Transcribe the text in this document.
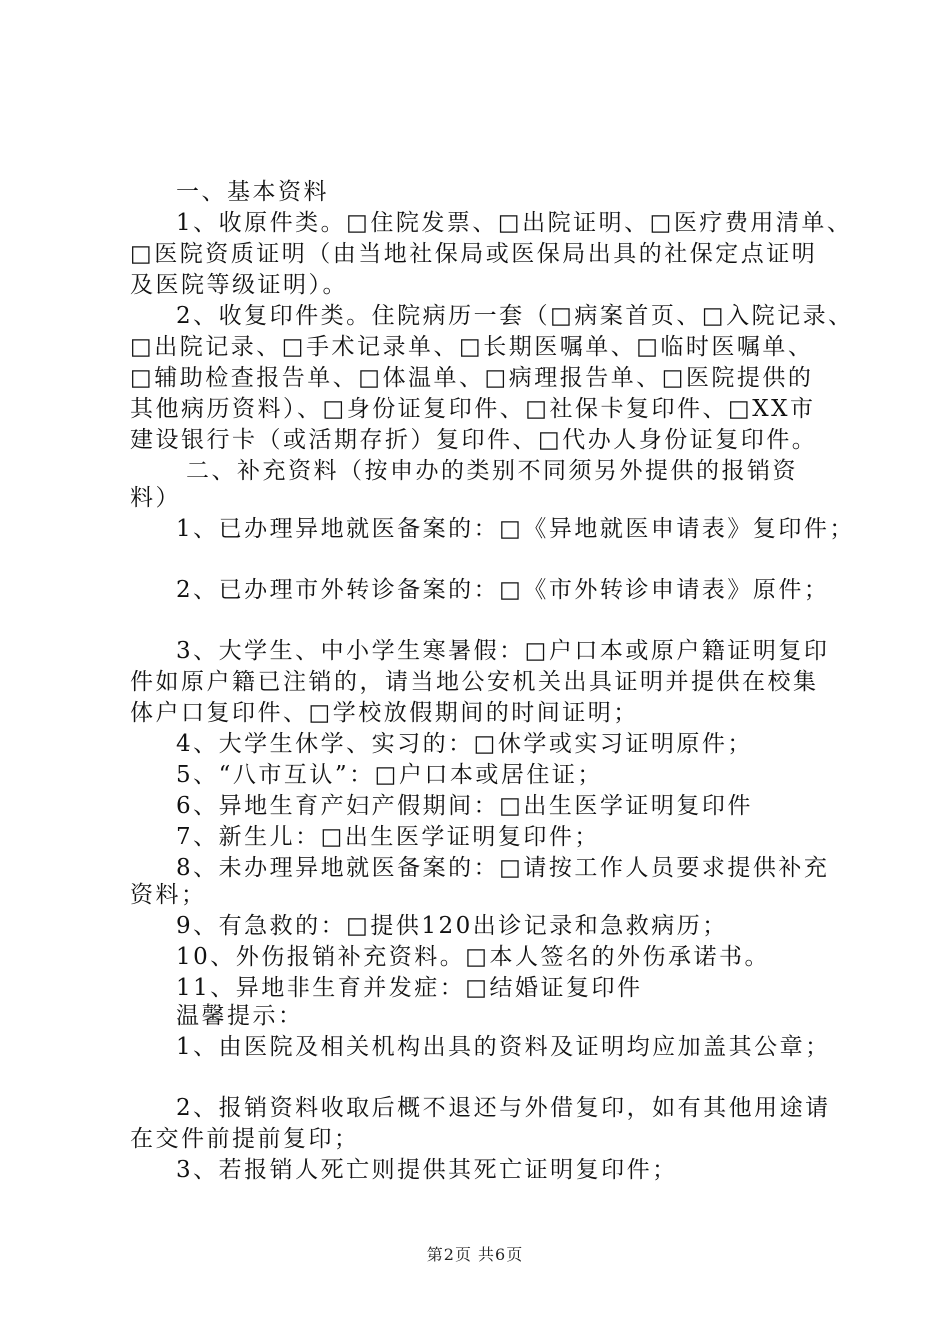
一、基本资料
1、收原件类。□住院发票、□出院证明、□医疗费用清单、
□医院资质证明（由当地社保局或医保局出具的社保定点证明
及医院等级证明）。
2、收复印件类。住院病历一套（□病案首页、□入院记录、
□出院记录、□手术记录单、□长期医嘱单、□临时医嘱单、
□辅助检查报告单、□体温单、□病理报告单、□医院提供的
其他病历资料）、□身份证复印件、□社保卡复印件、□XX市
建设银行卡（或活期存折）复印件、□代办人身份证复印件。
二、补充资料（按申办的类别不同须另外提供的报销资
料）
1、已办理异地就医备案的：□《异地就医申请表》复印件；
2、已办理市外转诊备案的：□《市外转诊申请表》原件；
3、大学生、中小学生寒暑假：□户口本或原户籍证明复印
件如原户籍已注销的，请当地公安机关出具证明并提供在校集
体户口复印件、□学校放假期间的时间证明；
4、大学生休学、实习的：□休学或实习证明原件；
5、“八市互认”：□户口本或居住证；
6、异地生育产妇产假期间：□出生医学证明复印件
7、新生儿：□出生医学证明复印件；
8、未办理异地就医备案的：□请按工作人员要求提供补充
资料；
9、有急救的：□提供120出诊记录和急救病历；
10、外伤报销补充资料。□本人签名的外伤承诺书。
11、异地非生育并发症：□结婚证复印件
温馨提示：
1、由医院及相关机构出具的资料及证明均应加盖其公章；
2、报销资料收取后概不退还与外借复印，如有其他用途请
在交件前提前复印；
3、若报销人死亡则提供其死亡证明复印件；
第2页 共6页
